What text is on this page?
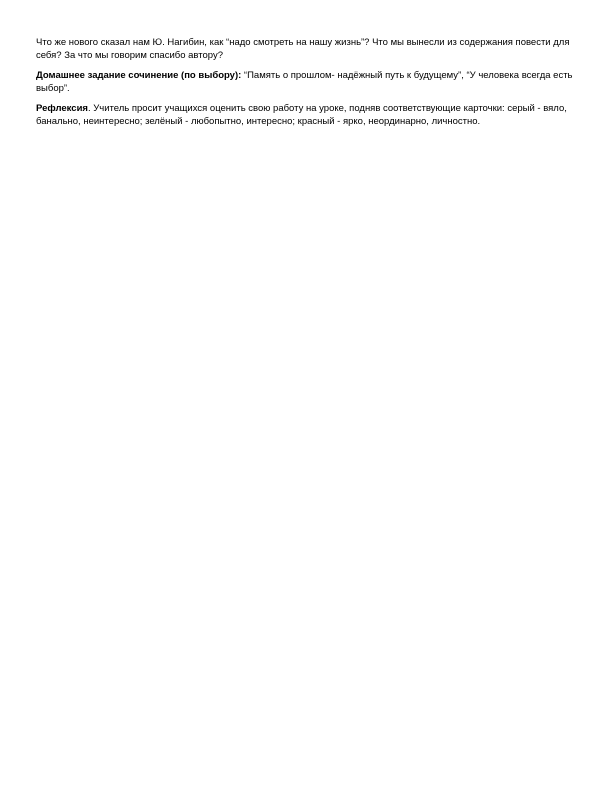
Что же нового сказал нам Ю. Нагибин, как “надо смотреть на нашу жизнь”? Что мы вынесли из содержания повести для себя? За что мы говорим спасибо автору?

Домашнее задание сочинение (по выбору): “Память о прошлом- надёжный путь к будущему”, “У человека всегда есть выбор”.

Рефлексия. Учитель просит учащихся оценить свою работу на уроке, подняв соответствующие карточки: серый - вяло, банально, неинтересно; зелёный - любопытно, интересно; красный - ярко, неординарно, личностно.
